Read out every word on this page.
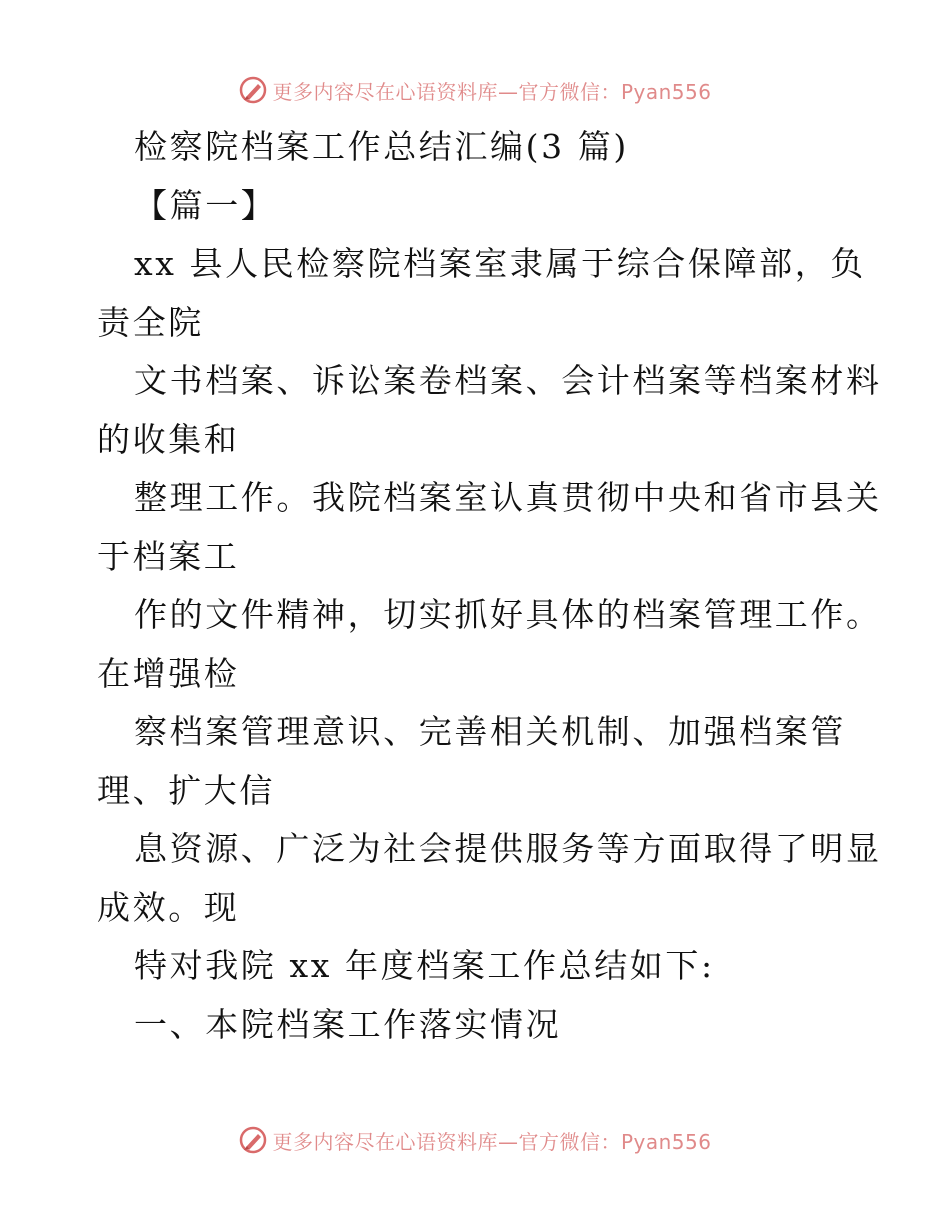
更多内容尽在心语资料库—官方微信：Pyan556
检察院档案工作总结汇编(3 篇)
【篇一】
xx 县人民检察院档案室隶属于综合保障部，负
责全院
文书档案、诉讼案卷档案、会计档案等档案材料
的收集和
整理工作。我院档案室认真贯彻中央和省市县关
于档案工
作的文件精神，切实抓好具体的档案管理工作。
在增强检
察档案管理意识、完善相关机制、加强档案管
理、扩大信
息资源、广泛为社会提供服务等方面取得了明显
成效。现
特对我院 xx 年度档案工作总结如下:
一、本院档案工作落实情况
更多内容尽在心语资料库—官方微信：Pyan556
